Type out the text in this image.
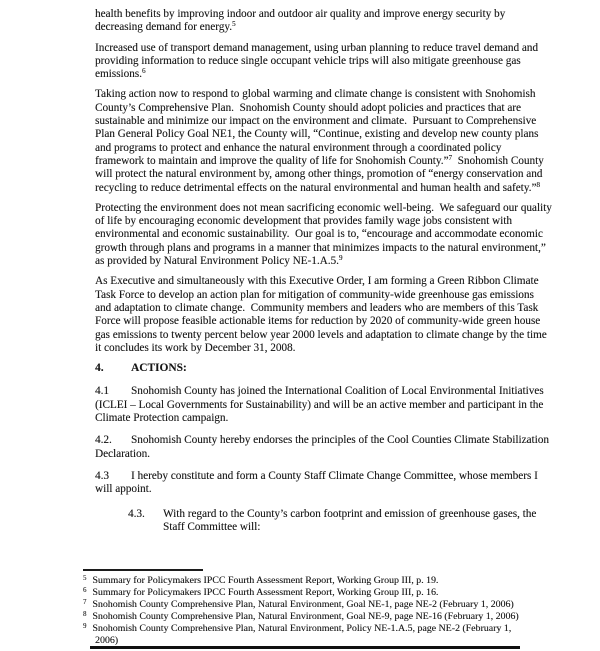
health benefits by improving indoor and outdoor air quality and improve energy security by decreasing demand for energy.$^5$

Increased use of transport demand management, using urban planning to reduce travel demand and providing information to reduce single occupant vehicle trips will also mitigate greenhouse gas emissions.$^6$

Taking action now to respond to global warming and climate change is consistent with Snohomish County’s Comprehensive Plan.  Snohomish County should adopt policies and practices that are sustainable and minimize our impact on the environment and climate.  Pursuant to Comprehensive Plan General Policy Goal NE1, the County will, “Continue, existing and develop new county plans and programs to protect and enhance the natural environment through a coordinated policy framework to maintain and improve the quality of life for Snohomish County.”$^7$  Snohomish County will protect the natural environment by, among other things, promotion of “energy conservation and recycling to reduce detrimental effects on the natural environmental and human health and safety.”$^8$

Protecting the environment does not mean sacrificing economic well-being.  We safeguard our quality of life by encouraging economic development that provides family wage jobs consistent with environmental and economic sustainability.  Our goal is to, “encourage and accommodate economic growth through plans and programs in a manner that minimizes impacts to the natural environment,” as provided by Natural Environment Policy NE-1.A.5.$^9$

As Executive and simultaneously with this Executive Order, I am forming a Green Ribbon Climate Task Force to develop an action plan for mitigation of community-wide greenhouse gas emissions and adaptation to climate change.  Community members and leaders who are members of this Task Force will propose feasible actionable items for reduction by 2020 of community-wide green house gas emissions to twenty percent below year 2000 levels and adaptation to climate change by the time it concludes its work by December 31, 2008.

4. ACTIONS:

4.1 Snohomish County has joined the International Coalition of Local Environmental Initiatives (ICLEI – Local Governments for Sustainability) and will be an active member and participant in the Climate Protection campaign.

4.2. Snohomish County hereby endorses the principles of the Cool Counties Climate Stabilization Declaration.

4.3 I hereby constitute and form a County Staff Climate Change Committee, whose members I will appoint.

4.3. With regard to the County’s carbon footprint and emission of greenhouse gases, the Staff Committee will:

$^5$ Summary for Policymakers IPCC Fourth Assessment Report, Working Group III, p. 19.

$^6$ Summary for Policymakers IPCC Fourth Assessment Report, Working Group III, p. 16.

$^7$ Snohomish County Comprehensive Plan, Natural Environment, Goal NE-1, page NE-2 (February 1, 2006)

$^8$ Snohomish County Comprehensive Plan, Natural Environment, Goal NE-9, page NE-16 (February 1, 2006)

$^9$ Snohomish County Comprehensive Plan, Natural Environment, Policy NE-1.A.5, page NE-2 (February 1,
2006)
